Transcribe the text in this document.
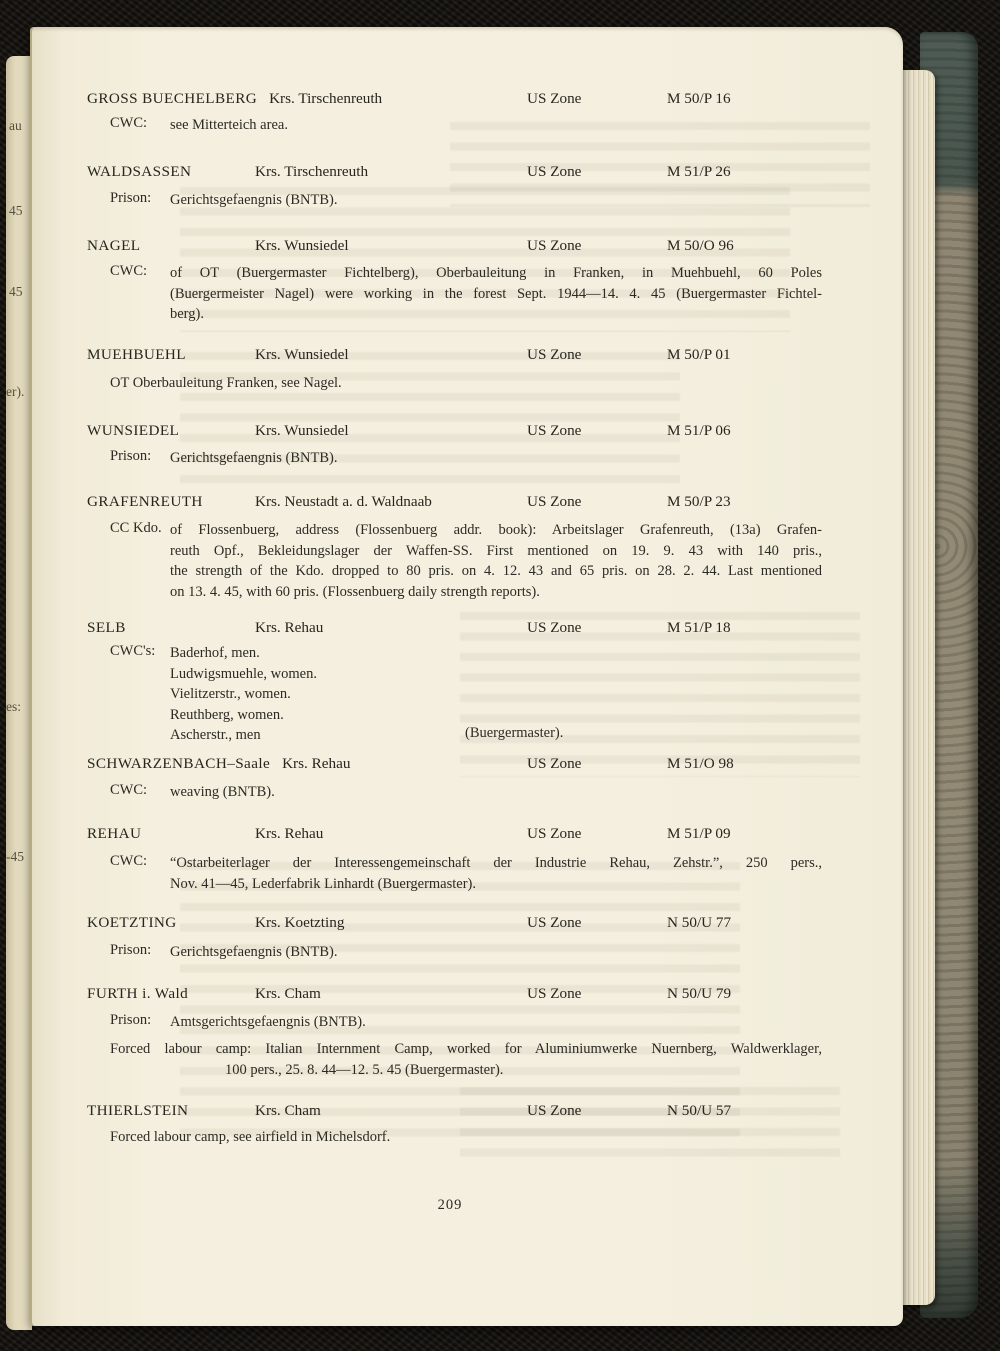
au
45
45
er).
es:
-45
GROSS BUECHELBERG Krs. Tirschenreuth	US Zone	M 50/P 16
CWC:	see Mitterteich area.
WALDSASSEN	Krs. Tirschenreuth	US Zone	M 51/P 26
Prison:	Gerichtsgefaengnis (BNTB).
NAGEL	Krs. Wunsiedel	US Zone	M 50/O 96
CWC:	of OT (Buergermaster Fichtelberg), Oberbauleitung in Franken, in Muehbuehl, 60 Poles
(Buergermeister Nagel) were working in the forest Sept. 1944—14. 4. 45 (Buergermaster Fichtel-
berg).
MUEHBUEHL	Krs. Wunsiedel	US Zone	M 50/P 01
OT Oberbauleitung Franken, see Nagel.
WUNSIEDEL	Krs. Wunsiedel	US Zone	M 51/P 06
Prison:	Gerichtsgefaengnis (BNTB).
GRAFENREUTH	Krs. Neustadt a. d. Waldnaab	US Zone	M 50/P 23
CC Kdo. of Flossenbuerg, address (Flossenbuerg addr. book): Arbeitslager Grafenreuth, (13a) Grafen-
reuth Opf., Bekleidungslager der Waffen-SS. First mentioned on 19. 9. 43 with 140 pris.,
the strength of the Kdo. dropped to 80 pris. on 4. 12. 43 and 65 pris. on 28. 2. 44. Last mentioned
on 13. 4. 45, with 60 pris. (Flossenbuerg daily strength reports).
SELB	Krs. Rehau	US Zone	M 51/P 18
CWC's:	Baderhof, men.
Ludwigsmuehle, women.
Vielitzerstr., women.
Reuthberg, women.
Ascherstr., men	(Buergermaster).
SCHWARZENBACH–Saale Krs. Rehau	US Zone	M 51/O 98
CWC:	weaving (BNTB).
REHAU	Krs. Rehau	US Zone	M 51/P 09
CWC:	“Ostarbeiterlager der Interessengemeinschaft der Industrie Rehau, Zehstr.”, 250 pers.,
Nov. 41—45, Lederfabrik Linhardt (Buergermaster).
KOETZTING	Krs. Koetzting	US Zone	N 50/U 77
Prison:	Gerichtsgefaengnis (BNTB).
FURTH i. Wald	Krs. Cham	US Zone	N 50/U 79
Prison:	Amtsgerichtsgefaengnis (BNTB).
Forced labour camp: Italian Internment Camp, worked for Aluminiumwerke Nuernberg, Waldwerklager,
100 pers., 25. 8. 44—12. 5. 45 (Buergermaster).
THIERLSTEIN	Krs. Cham	US Zone	N 50/U 57
Forced labour camp, see airfield in Michelsdorf.
209
